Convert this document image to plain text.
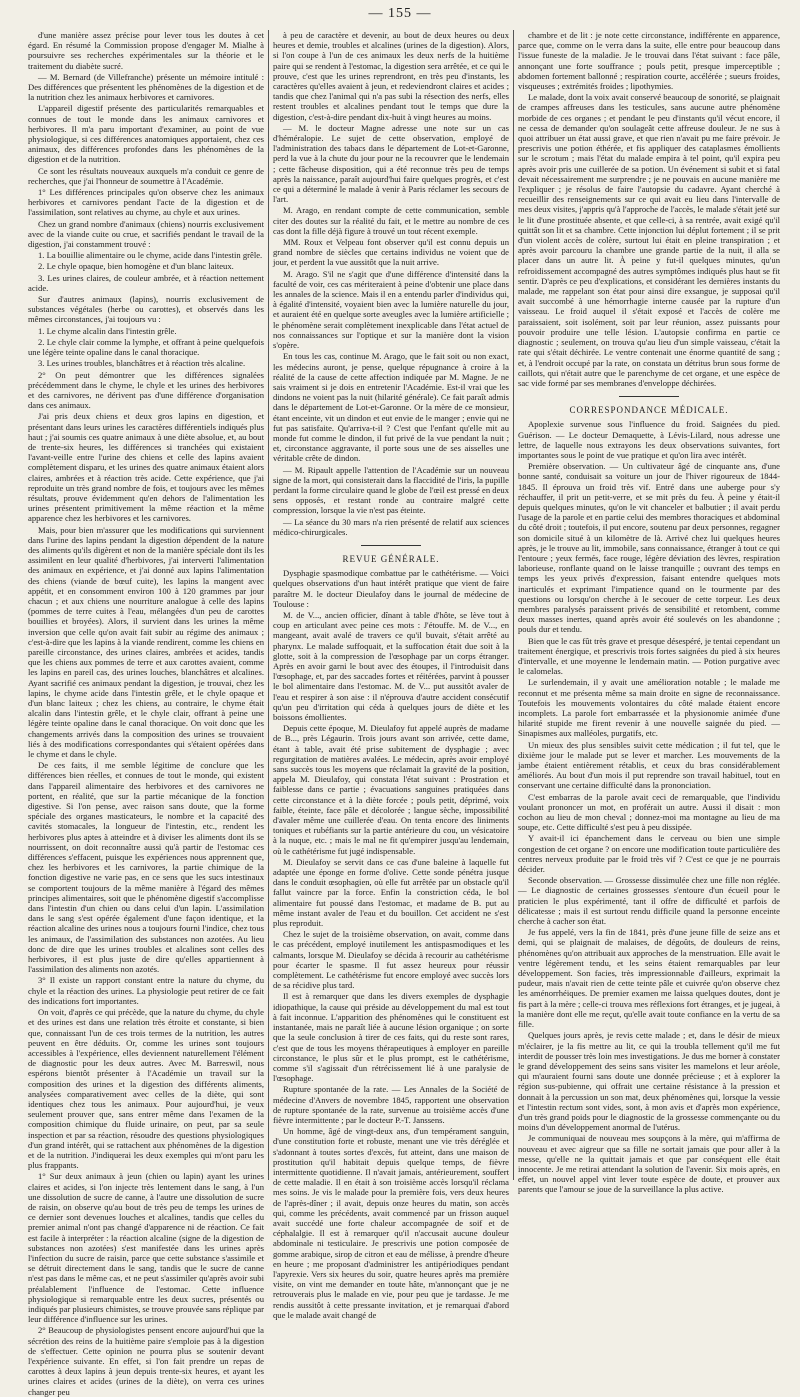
— 155 —

d'une manière assez précise pour lever tous les doutes à cet égard. En résumé la Commission propose d'engager M. Mialhe à poursuivre ses recherches expérimentales sur la théorie et le traitement du diabète sucré.

— M. Bernard (de Villefranche) présente un mémoire intitulé : Des différences que présentent les phénomènes de la digestion et de la nutrition chez les animaux herbivores et carnivores.

L'appareil digestif présente des particularités remarquables et connues de tout le monde dans les animaux carnivores et herbivores. Il m'a paru important d'examiner, au point de vue physiologique, si ces différences anatomiques apportaient, chez ces animaux, des différences profondes dans les phénomènes de la digestion et de la nutrition.

Ce sont les résultats nouveaux auxquels m'a conduit ce genre de recherches, que j'ai l'honneur de soumettre à l'Académie.

1° Les différences principales qu'on observe chez les animaux herbivores et carnivores pendant l'acte de la digestion et de l'assimilation, sont relatives au chyme, au chyle et aux urines.

Chez un grand nombre d'animaux (chiens) nourris exclusivement avec de la viande cuite ou crue, et sacrifiés pendant le travail de la digestion, j'ai constamment trouvé :

1. La bouillie alimentaire ou le chyme, acide dans l'intestin grêle.

2. Le chyle opaque, bien homogène et d'un blanc laiteux.

3. Les urines claires, de couleur ambrée, et à réaction nettement acide.

Sur d'autres animaux (lapins), nourris exclusivement de substances végétales (herbe ou carottes), et observés dans les mêmes circonstances, j'ai toujours vu :

1. Le chyme alcalin dans l'intestin grêle.

2. Le chyle clair comme la lymphe, et offrant à peine quelquefois une légère teinte opaline dans le canal thoracique.

3. Les urines troubles, blanchâtres et à réaction très alcaline.

2° On peut démontrer que les différences signalées précédemment dans le chyme, le chyle et les urines des herbivores et des carnivores, ne dérivent pas d'une différence d'organisation dans ces animaux.

J'ai pris deux chiens et deux gros lapins en digestion, et présentant dans leurs urines les caractères différentiels indiqués plus haut ; j'ai soumis ces quatre animaux à une diète absolue, et, au bout de trente-six heures, les différences si tranchées qui existaient l'avant-veille entre l'urine des chiens et celle des lapins avaient complètement disparu, et les urines des quatre animaux étaient alors claires, ambrées et à réaction très acide. Cette expérience, que j'ai reproduite un très grand nombre de fois, et toujours avec les mêmes résultats, prouve évidemment qu'en dehors de l'alimentation les urines présentent primitivement la même réaction et la même apparence chez les herbivores et les carnivores.

Mais, pour bien m'assurer que les modifications qui surviennent dans l'urine des lapins pendant la digestion dépendent de la nature des aliments qu'ils digèrent et non de la manière spéciale dont ils les assimilent en leur qualité d'herbivores, j'ai interverti l'alimentation des animaux en expérience, et j'ai donné aux lapins l'alimentation des chiens (viande de bœuf cuite), les lapins la mangent avec appétit, et en consomment environ 100 à 120 grammes par jour chacun ; et aux chiens une nourriture analogue à celle des lapins (pommes de terre cuites à l'eau, mélangées d'un peu de carottes bouillies et broyées). Alors, il survient dans les urines la même inversion que celle qu'on avait fait subir au régime des animaux ; c'est-à-dire que les lapins à la viande rendirent, comme les chiens en pareille circonstance, des urines claires, ambrées et acides, tandis que les chiens aux pommes de terre et aux carottes avaient, comme les lapins en pareil cas, des urines louches, blanchâtres et alcalines. Ayant sacrifié ces animaux pendant la digestion, je trouvai, chez les lapins, le chyme acide dans l'intestin grêle, et le chyle opaque et d'un blanc laiteux ; chez les chiens, au contraire, le chyme était alcalin dans l'intestin grêle, et le chyle clair, offrant à peine une légère teinte opaline dans le canal thoracique. On voit donc que les changements arrivés dans la composition des urines se trouvaient liés à des modifications correspondantes qui s'étaient opérées dans le chyme et dans le chyle.

De ces faits, il me semble légitime de conclure que les différences bien réelles, et connues de tout le monde, qui existent dans l'appareil alimentaire des herbivores et des carnivores ne portent, en réalité, que sur la partie mécanique de la fonction digestive. Si l'on pense, avec raison sans doute, que la forme spéciale des organes masticateurs, le nombre et la capacité des cavités stomacales, la longueur de l'intestin, etc., rendent les herbivores plus aptes à atteindre et à diviser les aliments dont ils se nourrissent, on doit reconnaître aussi qu'à partir de l'estomac ces différences s'effacent, puisque les expériences nous apprennent que, chez les herbivores et les carnivores, la partie chimique de la fonction digestive ne varie pas, en ce sens que les sucs intestinaux se comportent toujours de la même manière à l'égard des mêmes principes alimentaires, soit que le phénomène digestif s'accomplisse dans l'intestin d'un chien ou dans celui d'un lapin. L'assimilation dans le sang s'est opérée également d'une façon identique, et la réaction alcaline des urines nous a toujours fourni l'indice, chez tous les animaux, de l'assimilation des substances non azotées. Au lieu donc de dire que les urines troubles et alcalines sont celles des herbivores, il est plus juste de dire qu'elles appartiennent à l'assimilation des aliments non azotés.

3° Il existe un rapport constant entre la nature du chyme, du chyle et la réaction des urines. La physiologie peut retirer de ce fait des indications fort importantes.

On voit, d'après ce qui précède, que la nature du chyme, du chyle et des urines est dans une relation très étroite et constante, si bien que, connaissant l'un de ces trois termes de la nutrition, les autres peuvent en être déduits. Or, comme les urines sont toujours accessibles à l'expérience, elles deviennent naturellement l'élément de diagnostic pour les deux autres. Avec M. Barreswil, nous espérons bientôt présenter à l'Académie un travail sur la composition des urines et la digestion des différents aliments, analysées comparativement avec celles de la diète, qui sont identiques chez tous les animaux. Pour aujourd'hui, je veux seulement prouver que, sans entrer même dans l'examen de la composition chimique du fluide urinaire, on peut, par sa seule inspection et par sa réaction, résoudre des questions physiologiques d'un grand intérêt, qui se rattachent aux phénomènes de la digestion et de la nutrition. J'indiquerai les deux exemples qui m'ont paru les plus frappants.

1° Sur deux animaux à jeun (chien ou lapin) ayant les urines claires et acides, si l'on injecte très lentement dans le sang, à l'un une dissolution de sucre de canne, à l'autre une dissolution de sucre de raisin, on observe qu'au bout de très peu de temps les urines de ce dernier sont devenues louches et alcalines, tandis que celles du premier animal n'ont pas changé d'apparence ni de réaction. Ce fait est facile à interpréter : la réaction alcaline (signe de la digestion de substances non azotées) s'est manifestée dans les urines après l'infection du sucre de raisin, parce que cette substance s'assimile et se détruit directement dans le sang, tandis que le sucre de canne n'est pas dans le même cas, et ne peut s'assimiler qu'après avoir subi préalablement l'influence de l'estomac. Cette influence physiologique si remarquable entre les deux sucres, présentés ou indiqués par plusieurs chimistes, se trouve prouvée sans réplique par leur différence d'influence sur les urines.

2° Beaucoup de physiologistes pensent encore aujourd'hui que la sécrétion des reins de la huitième paire s'emploie pas à la digestion de s'effectuer. Cette opinion ne pourra plus se soutenir devant l'expérience suivante. En effet, si l'on fait prendre un repas de carottes à deux lapins à jeun depuis trente-six heures, et ayant les urines claires et acides (urines de la diète), on verra ces urines changer peu

à peu de caractère et devenir, au bout de deux heures ou deux heures et demie, troubles et alcalines (urines de la digestion). Alors, si l'on coupe à l'un de ces animaux les deux nerfs de la huitième paire qui se rendent à l'estomac, la digestion sera arrêtée, et ce qui le prouve, c'est que les urines reprendront, en très peu d'instants, les caractères qu'elles avaient à jeun, et redeviendront claires et acides ; tandis que chez l'animal qui n'a pas subi la résection des nerfs, elles restent troubles et alcalines pendant tout le temps que dure la digestion, c'est-à-dire pendant dix-huit à vingt heures au moins.

— M. le docteur Magne adresse une note sur un cas d'héméralopie. Le sujet de cette observation, employé de l'administration des tabacs dans le département de Lot-et-Garonne, perd la vue à la chute du jour pour ne la recouvrer que le lendemain ; cette fâcheuse disposition, qui a été reconnue très peu de temps après la naissance, paraît aujourd'hui faire quelques progrès, et c'est ce qui a déterminé le malade à venir à Paris réclamer les secours de l'art.

M. Arago, en rendant compte de cette communication, semble citer des doutes sur la réalité du fait, et le mettre au nombre de ces cas dont la fille déjà figure à trouvé un tout récent exemple.

MM. Roux et Velpeau font observer qu'il est connu depuis un grand nombre de siècles que certains individus ne voient que de jour, et perdent la vue aussitôt que la nuit arrive.

M. Arago. S'il ne s'agit que d'une différence d'intensité dans la faculté de voir, ces cas mériteraient à peine d'obtenir une place dans les annales de la science. Mais il en a entendu parler d'individus qui, à égalité d'intensité, voyaient bien avec la lumière naturelle du jour, et auraient été en quelque sorte aveugles avec la lumière artificielle ; le phénomène serait complètement inexplicable dans l'état actuel de nos connaissances sur l'optique et sur la manière dont la vision s'opère.

En tous les cas, continue M. Arago, que le fait soit ou non exact, les médecins auront, je pense, quelque répugnance à croire à la réalité de la cause de cette affection indiquée par M. Magne. Je ne sais vraiment si je dois en entretenir l'Académie. Est-il vrai que les dindons ne voient pas la nuit (hilarité générale). Ce fait paraît admis dans le département de Lot-et-Garonne. Or la mère de ce monsieur, étant enceinte, vit un dindon et eut envie de le manger ; envie qui ne fut pas satisfaite. Qu'arriva-t-il ? C'est que l'enfant qu'elle mit au monde fut comme le dindon, il fut privé de la vue pendant la nuit ; et, circonstance aggravante, il porte sous une de ses aisselles une véritable crête de dindon.

— M. Ripault appelle l'attention de l'Académie sur un nouveau signe de la mort, qui consisterait dans la flaccidité de l'iris, la pupille perdant la forme circulaire quand le globe de l'œil est pressé en deux sens opposés, et restant ronde au contraire malgré cette compression, lorsque la vie n'est pas éteinte.

— La séance du 30 mars n'a rien présenté de relatif aux sciences médico-chirurgicales.

REVUE GÉNÉRALE.

Dysphagie spasmodique combattue par le cathétérisme. — Voici quelques observations d'un haut intérêt pratique que vient de faire paraître M. le docteur Dieulafoy dans le journal de médecine de Toulouse :

M. de V..., ancien officier, dînant à table d'hôte, se lève tout à coup en articulant avec peine ces mots : J'étouffe. M. de V..., en mangeant, avait avalé de travers ce qu'il buvait, s'était arrêté au pharynx. Le malade suffoquait, et la suffocation était due soit à la glotte, soit à la compression de l'œsophage par un corps étranger. Après en avoir garni le bout avec des étoupes, il l'introduisit dans l'œsophage, et, par des saccades fortes et réitérées, parvint à pousser le bol alimentaire dans l'estomac. M. de V... put aussitôt avaler de l'eau et respirer à son aise : il n'éprouva d'autre accident consécutif qu'un peu d'irritation qui céda à quelques jours de diète et les boissons émollientes.

Depuis cette époque, M. Dieulafoy fut appelé auprès de madame de B..., près Légaurin. Trois jours avant son arrivée, cette dame, étant à table, avait été prise subitement de dysphagie ; avec regurgitation de matières avalées. Le médecin, après avoir employé sans succès tous les moyens que réclamait la gravité de la position, appela M. Dieulafoy, qui constata l'état suivant : Prostration et faiblesse dans ce partie ; évacuations sanguines pratiquées dans cette circonstance et à la diète forcée ; pouls petit, déprimé, voix faible, éteinte, face pâle et décolorée ; langue sèche, impossibilité d'avaler même une cuillerée d'eau. On tenta encore des liniments toniques et rubéfiants sur la partie antérieure du cou, un vésicatoire à la nuque, etc. ; mais le mal ne fit qu'empirer jusqu'au lendemain, où le cathétérisme fut jugé indispensable.

M. Dieulafoy se servit dans ce cas d'une baleine à laquelle fut adaptée une éponge en forme d'olive. Cette sonde pénétra jusque dans le conduit œsophagien, où elle fut arrêtée par un obstacle qu'il fallut vaincre par la force. Enfin la constriction céda, le bol alimentaire fut poussé dans l'estomac, et madame de B. put au même instant avaler de l'eau et du bouillon. Cet accident ne s'est plus reproduit.

Chez le sujet de la troisième observation, on avait, comme dans le cas précédent, employé inutilement les antispasmodiques et les calmants, lorsque M. Dieulafoy se décida à recourir au cathétérisme pour écarter le spasme. Il fut assez heureux pour réussir complètement. Le cathétérisme fut encore employé avec succès lors de sa récidive plus tard.

Il est à remarquer que dans les divers exemples de dysphagie idiopathique, la cause qui préside au développement du mal est tout à fait inconnue. L'apparition des phénomènes qui le constituent est instantanée, mais ne paraît liée à aucune lésion organique ; on sorte que la seule conclusion à tirer de ces faits, qui du reste sont rares, c'est que de tous les moyens thérapeutiques à employer en pareille circonstance, le plus sûr et le plus prompt, est le cathétérisme, comme s'il s'agissait d'un rétrécissement lié à une paralysie de l'œsophage.

Rupture spontanée de la rate. — Les Annales de la Société de médecine d'Anvers de novembre 1845, rapportent une observation de rupture spontanée de la rate, survenue au troisième accès d'une fièvre intermittente ; par le docteur P.-T. Janssens.

Un homme, âgé de vingt-deux ans, d'un tempérament sanguin, d'une constitution forte et robuste, menant une vie très déréglée et s'adonnant à toutes sortes d'excès, fut atteint, dans une maison de prostitution qu'il habitait depuis quelque temps, de fièvre intermittente quotidienne. Il n'avait jamais, antérieurement, souffert de cette maladie. Il en était à son troisième accès lorsqu'il réclama mes soins. Je vis le malade pour la première fois, vers deux heures de l'après-dîner ; il avait, depuis onze heures du matin, son accès qui, comme les précédents, avait commencé par un frisson auquel avait succédé une forte chaleur accompagnée de soif et de céphalalgie. Il est à remarquer qu'il n'accusait aucune douleur abdominale ni testiculaire. Je prescrivis une potion composée de gomme arabique, sirop de citron et eau de mélisse, à prendre d'heure en heure ; me proposant d'administrer les antipériodiques pendant l'apyrexie. Vers six heures du soir, quatre heures après ma première visite, on vint me demander en toute hâte, m'annonçant que je ne retrouverais plus le malade en vie, pour peu que je tardasse. Je me rendis aussitôt à cette pressante invitation, et je remarquai d'abord que le malade avait changé de

chambre et de lit : je note cette circonstance, indifférente en apparence, parce que, comme on le verra dans la suite, elle entre pour beaucoup dans l'issue funeste de la maladie. Je le trouvai dans l'état suivant : face pâle, annonçant une forte souffrance ; pouls petit, presque imperceptible ; abdomen fortement ballonné ; respiration courte, accélérée ; sueurs froides, visqueuses ; extrémités froides ; lipothymies.

Le malade, dont la voix avait conservé beaucoup de sonorité, se plaignait de crampes affreuses dans les testicules, sans aucune autre phénomène morbide de ces organes ; et pendant le peu d'instants qu'il vécut encore, il ne cessa de demander qu'on soulageât cette affreuse douleur. Je ne sus à quoi attribuer un état aussi grave, et que rien n'avait pu me faire prévoir. Je prescrivis une potion éthérée, et fis appliquer des cataplasmes émollients sur le scrotum ; mais l'état du malade empira à tel point, qu'il expira peu après avoir pris une cuillerée de sa potion. Un événement si subit et si fatal devait nécessairement me surprendre ; je ne pouvais en aucune manière me l'expliquer ; je résolus de faire l'autopsie du cadavre. Ayant cherché à recueillir des renseignements sur ce qui avait eu lieu dans l'intervalle de mes deux visites, j'appris qu'à l'approche de l'accès, le malade s'était jeté sur le lit d'une prostituée absente, et que celle-ci, à sa rentrée, avait exigé qu'il quittât son lit et sa chambre. Cette injonction lui déplut fortement ; il se prit d'un violent accès de colère, surtout lui était en pleine transpiration ; et après avoir parcouru la chambre une grande partie de la nuit, il alla se placer dans un autre lit. À peine y fut-il quelques minutes, qu'un refroidissement accompagné des autres symptômes indiqués plus haut se fit sentir. D'après ce peu d'explications, et considérant les dernières instants du malade, me rappelant son état pour ainsi dire exsangue, je supposai qu'il avait succombé à une hémorrhagie interne causée par la rupture d'un vaisseau. Le froid auquel il s'était exposé et l'accès de colère me paraissaient, soit isolément, soit par leur réunion, assez puissants pour pouvoir produire une telle lésion. L'autopsie confirma en partie ce diagnostic ; seulement, on trouva qu'au lieu d'un simple vaisseau, c'était la rate qui s'était déchirée. Le ventre contenait une énorme quantité de sang ; et, à l'endroit occupé par la rate, on constata un détritus brun sous forme de caillots, qui n'était autre que le parenchyme de cet organe, et une espèce de sac vide formé par ses membranes d'enveloppe déchirées.

CORRESPONDANCE MÉDICALE.

Apoplexie survenue sous l'influence du froid. Saignées du pied. Guérison. — Le docteur Demaquette, à Lévis-Lilard, nous adresse une lettre, de laquelle nous extrayons les deux observations suivantes, fort importantes sous le point de vue pratique et qu'on lira avec intérêt.

Première observation. — Un cultivateur âgé de cinquante ans, d'une bonne santé, conduisait sa voiture un jour de l'hiver rigoureux de 1844-1845. Il éprouva un froid très vif. Entré dans une auberge pour s'y réchauffer, il prit un petit-verre, et se mit près du feu. À peine y était-il depuis quelques minutes, qu'on le vit chanceler et balbutier ; il avait perdu l'usage de la parole et en partie celui des membres thoraciques et abdominal du côté droit ; toutefois, il put encore, soutenu par deux personnes, regagner son domicile situé à un kilomètre de là. Arrivé chez lui quelques heures après, je le trouve au lit, immobile, sans connaissance, étranger à tout ce qui l'entoure ; yeux fermés, face rouge, légère déviation des lèvres, respiration laborieuse, ronflante quand on le laisse tranquille ; ouvrant des temps en temps les yeux privés d'expression, faisant entendre quelques mots inarticulés et exprimant l'impatience quand on le tourmente par des questions ou lorsqu'on cherche à le secouer de cette torpeur. Les deux membres paralysés paraissent privés de sensibilité et retombent, comme deux masses inertes, quand après avoir été soulevés on les abandonne ; pouls dur et tendu.

Bien que le cas fût très grave et presque désespéré, je tentai cependant un traitement énergique, et prescrivis trois fortes saignées du pied à six heures d'intervalle, et une moyenne le lendemain matin. — Potion purgative avec le calomelas.

Le surlendemain, il y avait une amélioration notable ; le malade me reconnut et me présenta même sa main droite en signe de reconnaissance. Toutefois les mouvements volontaires du côté malade étaient encore incomplets. La parole fort embarrassée et la physionomie animée d'une hilarité stupide me firent revenir à une nouvelle saignée du pied. — Sinapismes aux malléoles, purgatifs, etc.

Un mieux des plus sensibles suivit cette médication ; il fut tel, que le dixième jour le malade put se lever et marcher. Les mouvements de la jambe étaient entièrement rétablis, et ceux du bras considérablement améliorés. Au bout d'un mois il put reprendre son travail habituel, tout en conservant une certaine difficulté dans la prononciation.

C'est embarras de la parole avait ceci de remarquable, que l'individu voulant prononcer un mot, en proférait un autre. Aussi il disait : mon cochon au lieu de mon cheval ; donnez-moi ma montagne au lieu de ma soupe, etc. Cette difficulté s'est peu à peu dissipée.

Y avait-il ici épanchement dans le cerveau ou bien une simple congestion de cet organe ? on encore une modification toute particulière des centres nerveux produite par le froid très vif ? C'est ce que je ne pourrais décider.

Seconde observation. — Grossesse dissimulée chez une fille non réglée. — Le diagnostic de certaines grossesses s'entoure d'un écueil pour le praticien le plus expérimenté, tant il offre de difficulté et parfois de délicatesse ; mais il est surtout rendu difficile quand la personne enceinte cherche à cacher son état.

Je fus appelé, vers la fin de 1841, près d'une jeune fille de seize ans et demi, qui se plaignait de malaises, de dégoûts, de douleurs de reins, phénomènes qu'on attribuait aux approches de la menstruation. Elle avait le ventre légèrement tendu, et les seins étaient remarquables par leur développement. Son facies, très impressionnable d'ailleurs, exprimait la pudeur, mais n'avait rien de cette teinte pâle et cuivrée qu'on observe chez les aménorrhéiques. De premier examen me laissa quelques doutes, dont je fis part à la mère ; celle-ci trouva mes réflexions fort étranges, et je jugeai, à la manière dont elle me reçut, qu'elle avait toute confiance en la vertu de sa fille.

Quelques jours après, je revis cette malade ; et, dans le désir de mieux m'éclairer, je la fis mettre au lit, ce qui la troubla tellement qu'il me fut interdit de pousser très loin mes investigations. Je dus me borner à constater le grand développement des seins sans visiter les mamelons et leur aréole, qui m'auraient fourni sans doute une donnée précieuse ; et à explorer la région sus-pubienne, qui offrait une certaine résistance à la pression et donnait à la percussion un son mat, deux phénomènes qui, lorsque la vessie et l'intestin rectum sont vides, sont, à mon avis et d'après mon expérience, d'un très grand poids pour le diagnostic de la grossesse commençante ou du moins d'un développement anormal de l'utérus.

Je communiquai de nouveau mes soupçons à la mère, qui m'affirma de nouveau et avec aigreur que sa fille ne sortait jamais que pour aller à la messe, qu'elle ne la quittait jamais et que par conséquent elle était innocente. Je me retirai attendant la solution de l'avenir. Six mois après, en effet, un nouvel appel vint lever toute espèce de doute, et prouver aux parents que l'amour se joue de la surveillance la plus active.
